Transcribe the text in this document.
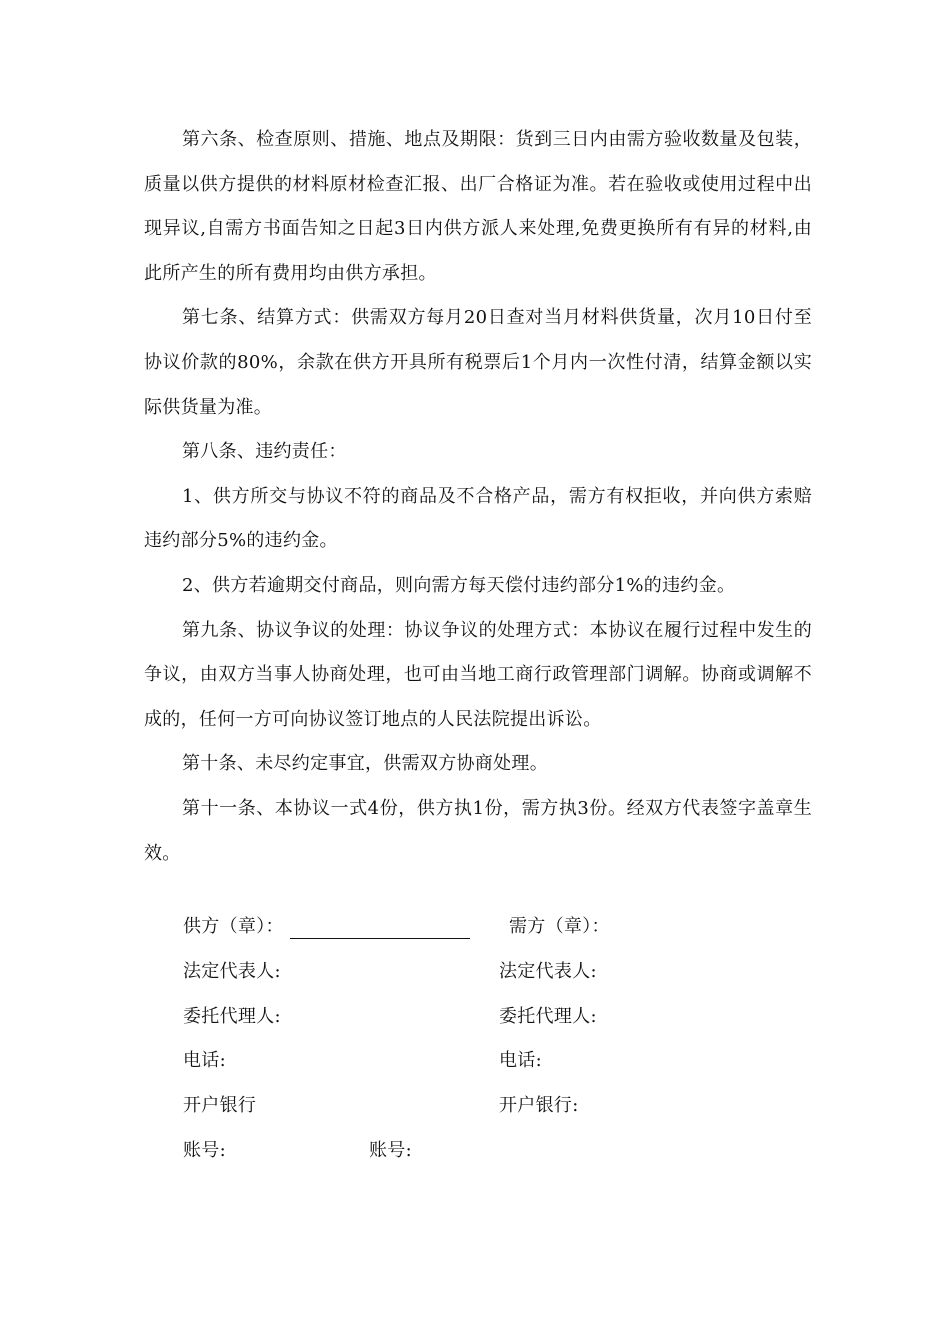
第六条、检查原则、措施、地点及期限：货到三日内由需方验收数量及包装，质量以供方提供的材料原材检查汇报、出厂合格证为准。若在验收或使用过程中出现异议,自需方书面告知之日起3日内供方派人来处理,免费更换所有有异的材料,由此所产生的所有费用均由供方承担。

第七条、结算方式：供需双方每月20日查对当月材料供货量，次月10日付至协议价款的80%，余款在供方开具所有税票后1个月内一次性付清，结算金额以实际供货量为准。

第八条、违约责任：

1、供方所交与协议不符的商品及不合格产品，需方有权拒收，并向供方索赔违约部分5%的违约金。

2、供方若逾期交付商品，则向需方每天偿付违约部分1%的违约金。

第九条、协议争议的处理：协议争议的处理方式：本协议在履行过程中发生的争议，由双方当事人协商处理，也可由当地工商行政管理部门调解。协商或调解不成的，任何一方可向协议签订地点的人民法院提出诉讼。

第十条、未尽约定事宜，供需双方协商处理。

第十一条、本协议一式4份，供方执1份，需方执3份。经双方代表签字盖章生效。

供方（章）：	需方（章）：
法定代表人:	法定代表人:
委托代理人:	委托代理人:
电话:	电话:
开户银行	开户银行:
账号:	账号:
